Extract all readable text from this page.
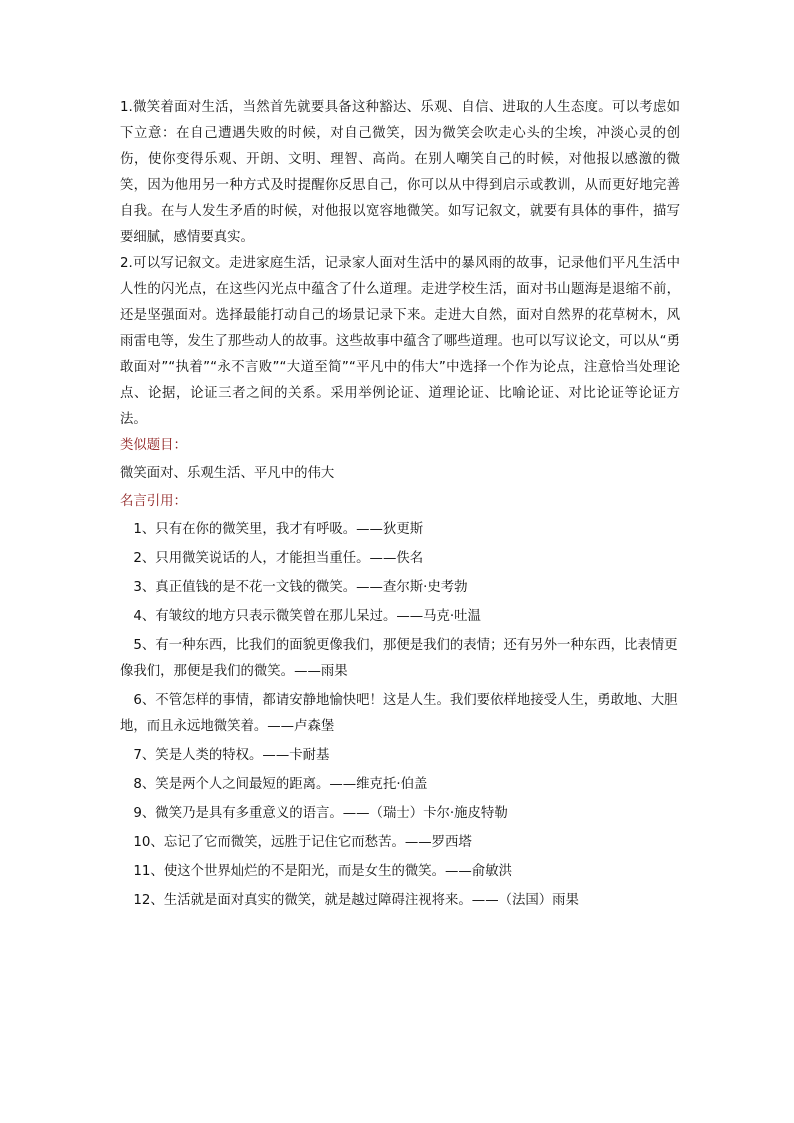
1.微笑着面对生活，当然首先就要具备这种豁达、乐观、自信、进取的人生态度。可以考虑如下立意：在自己遭遇失败的时候，对自己微笑，因为微笑会吹走心头的尘埃，冲淡心灵的创伤，使你变得乐观、开朗、文明、理智、高尚。在别人嘲笑自己的时候，对他报以感激的微笑，因为他用另一种方式及时提醒你反思自己，你可以从中得到启示或教训，从而更好地完善自我。在与人发生矛盾的时候，对他报以宽容地微笑。如写记叙文，就要有具体的事件，描写要细腻，感情要真实。

2.可以写记叙文。走进家庭生活，记录家人面对生活中的暴风雨的故事，记录他们平凡生活中人性的闪光点，在这些闪光点中蕴含了什么道理。走进学校生活，面对书山题海是退缩不前，还是坚强面对。选择最能打动自己的场景记录下来。走进大自然，面对自然界的花草树木，风雨雷电等，发生了那些动人的故事。这些故事中蕴含了哪些道理。也可以写议论文，可以从“勇敢面对”“执着”“永不言败”“大道至简”“平凡中的伟大”中选择一个作为论点，注意恰当处理论点、论据，论证三者之间的关系。采用举例论证、道理论证、比喻论证、对比论证等论证方法。

类似题目：

微笑面对、乐观生活、平凡中的伟大

名言引用：

1、只有在你的微笑里，我才有呼吸。——狄更斯
2、只用微笑说话的人，才能担当重任。——佚名
3、真正值钱的是不花一文钱的微笑。——查尔斯·史考勃
4、有皱纹的地方只表示微笑曾在那儿呆过。——马克·吐温
5、有一种东西，比我们的面貌更像我们，那便是我们的表情；还有另外一种东西，比表情更像我们，那便是我们的微笑。——雨果
6、不管怎样的事情，都请安静地愉快吧！这是人生。我们要依样地接受人生，勇敢地、大胆地，而且永远地微笑着。——卢森堡
7、笑是人类的特权。——卡耐基
8、笑是两个人之间最短的距离。——维克托·伯盖
9、微笑乃是具有多重意义的语言。——（瑞士）卡尔·施皮特勒
10、忘记了它而微笑，远胜于记住它而愁苦。——罗西塔
11、使这个世界灿烂的不是阳光，而是女生的微笑。——俞敏洪
12、生活就是面对真实的微笑，就是越过障碍注视将来。——（法国）雨果
